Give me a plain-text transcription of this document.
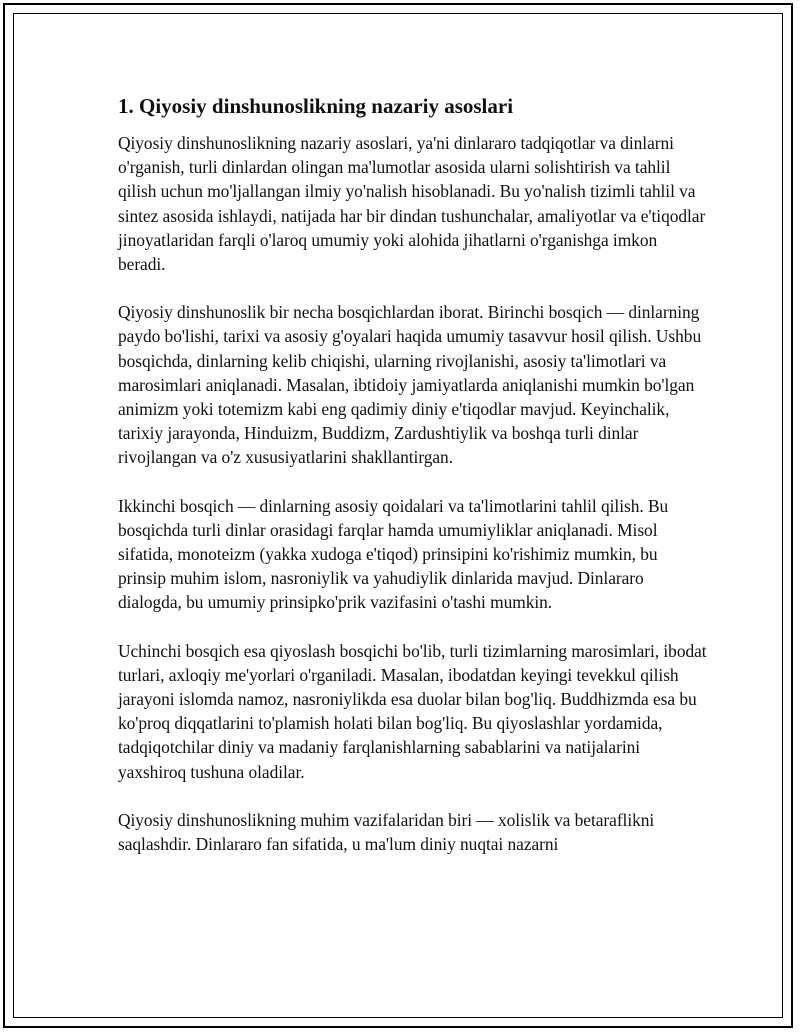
1. Qiyosiy dinshunoslikning nazariy asoslari

Qiyosiy dinshunoslikning nazariy asoslari, ya'ni dinlararo tadqiqotlar va dinlarni o'rganish, turli dinlardan olingan ma'lumotlar asosida ularni solishtirish va tahlil qilish uchun mo'ljallangan ilmiy yo'nalish hisoblanadi. Bu yo'nalish tizimli tahlil va sintez asosida ishlaydi, natijada har bir dindan tushunchalar, amaliyotlar va e'tiqodlar jinoyatlaridan farqli o'laroq umumiy yoki alohida jihatlarni o'rganishga imkon beradi.

Qiyosiy dinshunoslik bir necha bosqichlardan iborat. Birinchi bosqich — dinlarning paydo bo'lishi, tarixi va asosiy g'oyalari haqida umumiy tasavvur hosil qilish. Ushbu bosqichda, dinlarning kelib chiqishi, ularning rivojlanishi, asosiy ta'limotlari va marosimlari aniqlanadi. Masalan, ibtidoiy jamiyatlarda aniqlanishi mumkin bo'lgan animizm yoki totemizm kabi eng qadimiy diniy e'tiqodlar mavjud. Keyinchalik, tarixiy jarayonda, Hinduizm, Buddizm, Zardushtiylik va boshqa turli dinlar rivojlangan va o'z xususiyatlarini shakllantirgan.

Ikkinchi bosqich — dinlarning asosiy qoidalari va ta'limotlarini tahlil qilish. Bu bosqichda turli dinlar orasidagi farqlar hamda umumiyliklar aniqlanadi. Misol sifatida, monoteizm (yakka xudoga e'tiqod) prinsipini ko'rishimiz mumkin, bu prinsip muhim islom, nasroniylik va yahudiylik dinlarida mavjud. Dinlararo dialogda, bu umumiy prinsipko'prik vazifasini o'tashi mumkin.

Uchinchi bosqich esa qiyoslash bosqichi bo'lib, turli tizimlarning marosimlari, ibodat turlari, axloqiy me'yorlari o'rganiladi. Masalan, ibodatdan keyingi tevekkul qilish jarayoni islomda namoz, nasroniylikda esa duolar bilan bog'liq. Buddhizmda esa bu ko'proq diqqatlarini to'plamish holati bilan bog'liq. Bu qiyoslashlar yordamida, tadqiqotchilar diniy va madaniy farqlanishlarning sabablarini va natijalarini yaxshiroq tushuna oladilar.

Qiyosiy dinshunoslikning muhim vazifalaridan biri — xolislik va betaraflikni saqlashdir. Dinlararo fan sifatida, u ma'lum diniy nuqtai nazarni
